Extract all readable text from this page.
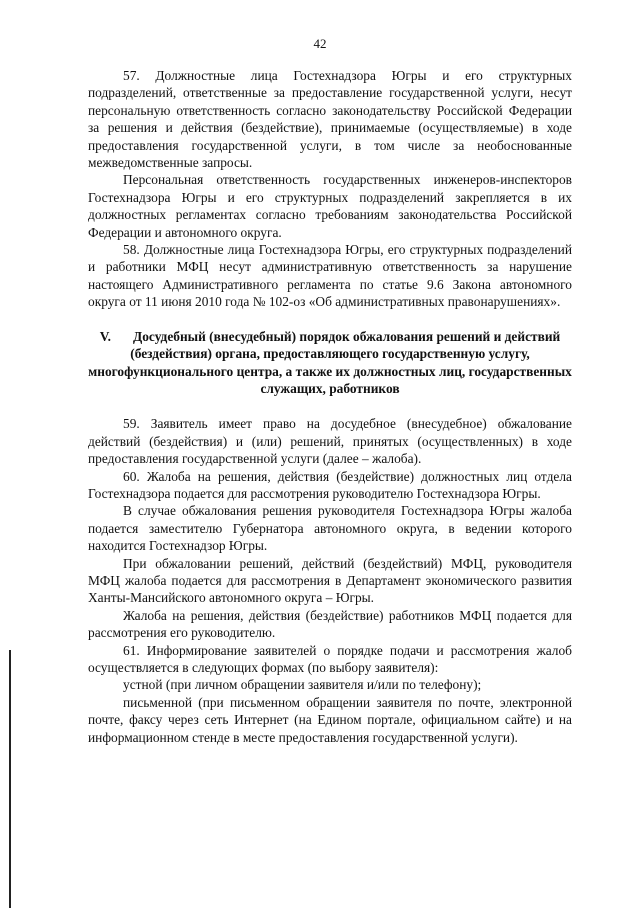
42

57. Должностные лица Гостехнадзора Югры и его структурных подразделений, ответственные за предоставление государственной услуги, несут персональную ответственность согласно законодательству Российской Федерации за решения и действия (бездействие), принимаемые (осуществляемые) в ходе предоставления государственной услуги, в том числе за необоснованные межведомственные запросы.

Персональная ответственность государственных инженеров-инспекторов Гостехнадзора Югры и его структурных подразделений закрепляется в их должностных регламентах согласно требованиям законодательства Российской Федерации и автономного округа.

58. Должностные лица Гостехнадзора Югры, его структурных подразделений и работники МФЦ несут административную ответственность за нарушение настоящего Административного регламента по статье 9.6 Закона автономного округа от 11 июня 2010 года № 102-оз «Об административных правонарушениях».

V. Досудебный (внесудебный) порядок обжалования решений и действий (бездействия) органа, предоставляющего государственную услугу, многофункционального центра, а также их должностных лиц, государственных служащих, работников

59. Заявитель имеет право на досудебное (внесудебное) обжалование действий (бездействия) и (или) решений, принятых (осуществленных) в ходе предоставления государственной услуги (далее – жалоба).

60. Жалоба на решения, действия (бездействие) должностных лиц отдела Гостехнадзора подается для рассмотрения руководителю Гостехнадзора Югры.

В случае обжалования решения руководителя Гостехнадзора Югры жалоба подается заместителю Губернатора автономного округа, в ведении которого находится Гостехнадзор Югры.

При обжаловании решений, действий (бездействий) МФЦ, руководителя МФЦ жалоба подается для рассмотрения в Департамент экономического развития Ханты-Мансийского автономного округа – Югры.

Жалоба на решения, действия (бездействие) работников МФЦ подается для рассмотрения его руководителю.

61. Информирование заявителей о порядке подачи и рассмотрения жалоб осуществляется в следующих формах (по выбору заявителя):

устной (при личном обращении заявителя и/или по телефону);

письменной (при письменном обращении заявителя по почте, электронной почте, факсу через сеть Интернет (на Едином портале, официальном сайте) и на информационном стенде в месте предоставления государственной услуги).
